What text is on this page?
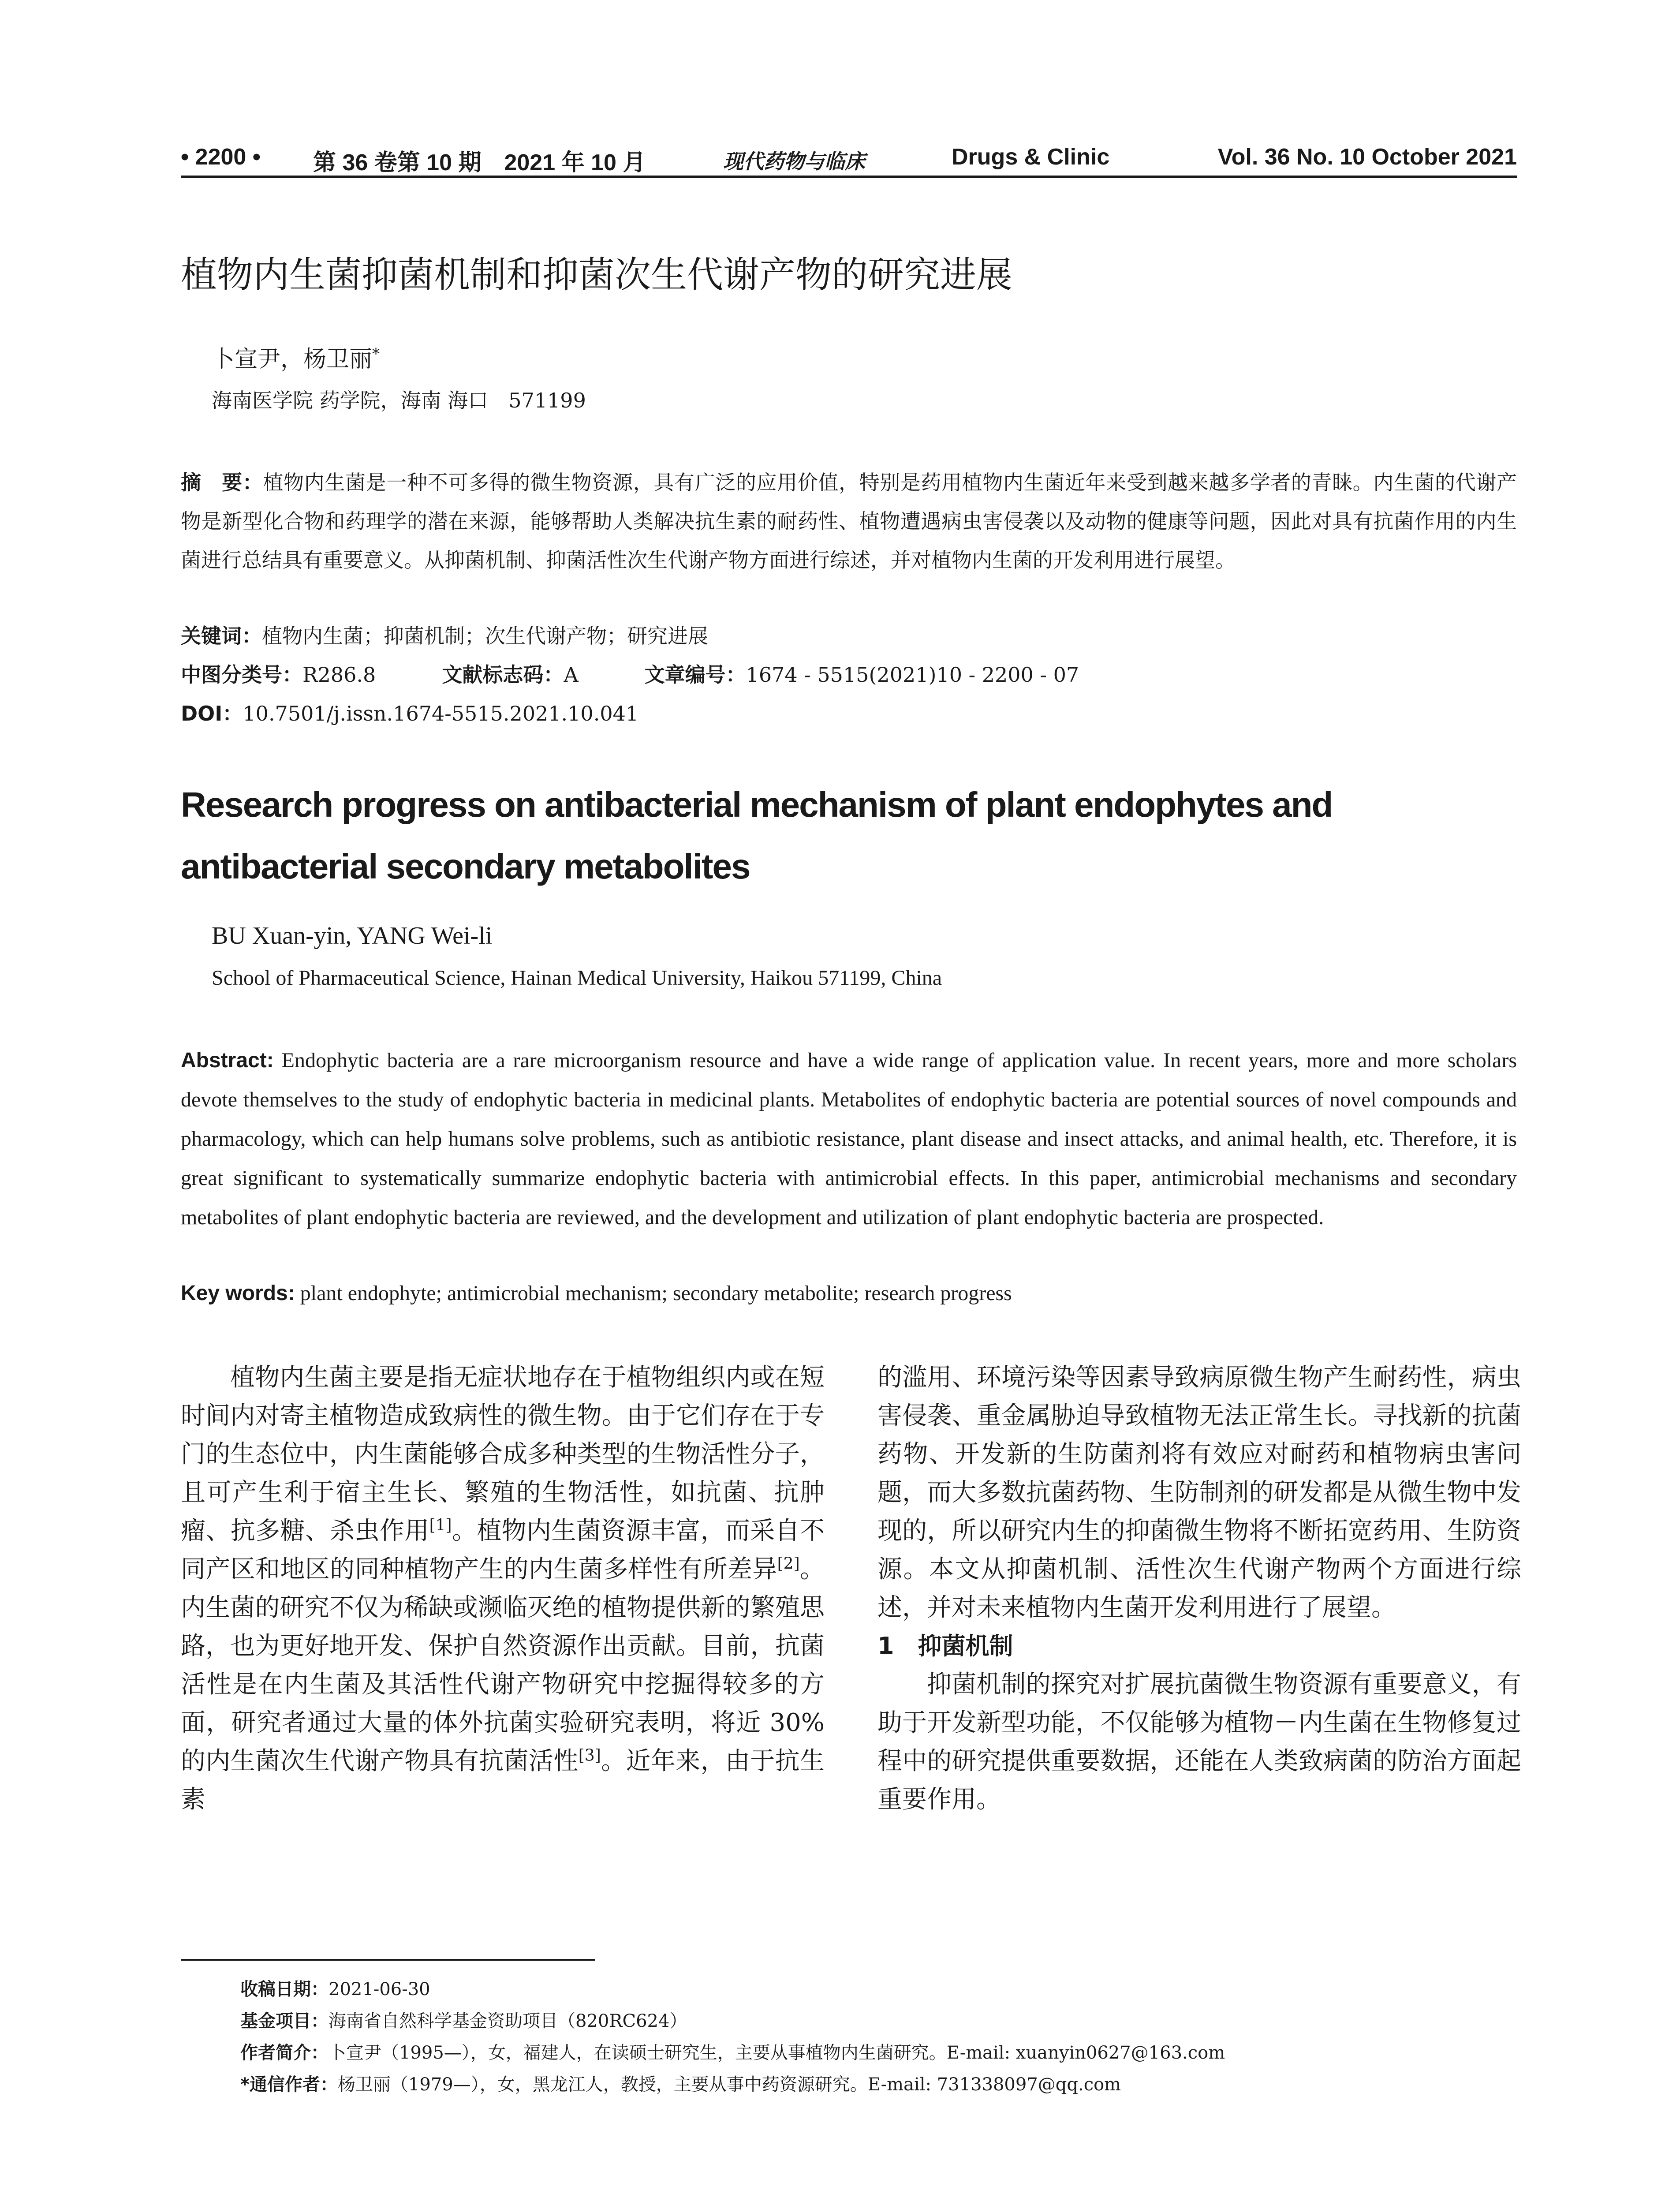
• 2200 • 第 36 卷第 10 期　2021 年 10 月	现代药物与临床	Drugs & Clinic	Vol. 36 No. 10 October 2021
植物内生菌抑菌机制和抑菌次生代谢产物的研究进展
卜宣尹，杨卫丽*
海南医学院 药学院，海南 海口　571199
摘　要：植物内生菌是一种不可多得的微生物资源，具有广泛的应用价值，特别是药用植物内生菌近年来受到越来越多学者的青睐。内生菌的代谢产物是新型化合物和药理学的潜在来源，能够帮助人类解决抗生素的耐药性、植物遭遇病虫害侵袭以及动物的健康等问题，因此对具有抗菌作用的内生菌进行总结具有重要意义。从抑菌机制、抑菌活性次生代谢产物方面进行综述，并对植物内生菌的开发利用进行展望。
关键词：植物内生菌；抑菌机制；次生代谢产物；研究进展
中图分类号：R286.8	文献标志码：A	文章编号：1674 - 5515(2021)10 - 2200 - 07
DOI：10.7501/j.issn.1674-5515.2021.10.041
Research progress on antibacterial mechanism of plant endophytes and antibacterial secondary metabolites
BU Xuan-yin, YANG Wei-li
School of Pharmaceutical Science, Hainan Medical University, Haikou 571199, China
Abstract: Endophytic bacteria are a rare microorganism resource and have a wide range of application value. In recent years, more and more scholars devote themselves to the study of endophytic bacteria in medicinal plants. Metabolites of endophytic bacteria are potential sources of novel compounds and pharmacology, which can help humans solve problems, such as antibiotic resistance, plant disease and insect attacks, and animal health, etc. Therefore, it is great significant to systematically summarize endophytic bacteria with antimicrobial effects. In this paper, antimicrobial mechanisms and secondary metabolites of plant endophytic bacteria are reviewed, and the development and utilization of plant endophytic bacteria are prospected.
Key words: plant endophyte; antimicrobial mechanism; secondary metabolite; research progress

植物内生菌主要是指无症状地存在于植物组织内或在短时间内对寄主植物造成致病性的微生物。由于它们存在于专门的生态位中，内生菌能够合成多种类型的生物活性分子，且可产生利于宿主生长、繁殖的生物活性，如抗菌、抗肿瘤、抗多糖、杀虫作用[1]。植物内生菌资源丰富，而采自不同产区和地区的同种植物产生的内生菌多样性有所差异[2]。内生菌的研究不仅为稀缺或濒临灭绝的植物提供新的繁殖思路，也为更好地开发、保护自然资源作出贡献。目前，抗菌活性是在内生菌及其活性代谢产物研究中挖掘得较多的方面，研究者通过大量的体外抗菌实验研究表明，将近 30%的内生菌次生代谢产物具有抗菌活性[3]。近年来，由于抗生素

的滥用、环境污染等因素导致病原微生物产生耐药性，病虫害侵袭、重金属胁迫导致植物无法正常生长。寻找新的抗菌药物、开发新的生防菌剂将有效应对耐药和植物病虫害问题，而大多数抗菌药物、生防制剂的研发都是从微生物中发现的，所以研究内生的抑菌微生物将不断拓宽药用、生防资源。本文从抑菌机制、活性次生代谢产物两个方面进行综述，并对未来植物内生菌开发利用进行了展望。

1　抑菌机制

抑菌机制的探究对扩展抗菌微生物资源有重要意义，有助于开发新型功能，不仅能够为植物－内生菌在生物修复过程中的研究提供重要数据，还能在人类致病菌的防治方面起重要作用。

收稿日期：2021-06-30
基金项目：海南省自然科学基金资助项目（820RC624）
作者简介：卜宣尹（1995—），女，福建人，在读硕士研究生，主要从事植物内生菌研究。E-mail: xuanyin0627@163.com
*通信作者：杨卫丽（1979—），女，黑龙江人，教授，主要从事中药资源研究。E-mail: 731338097@qq.com
